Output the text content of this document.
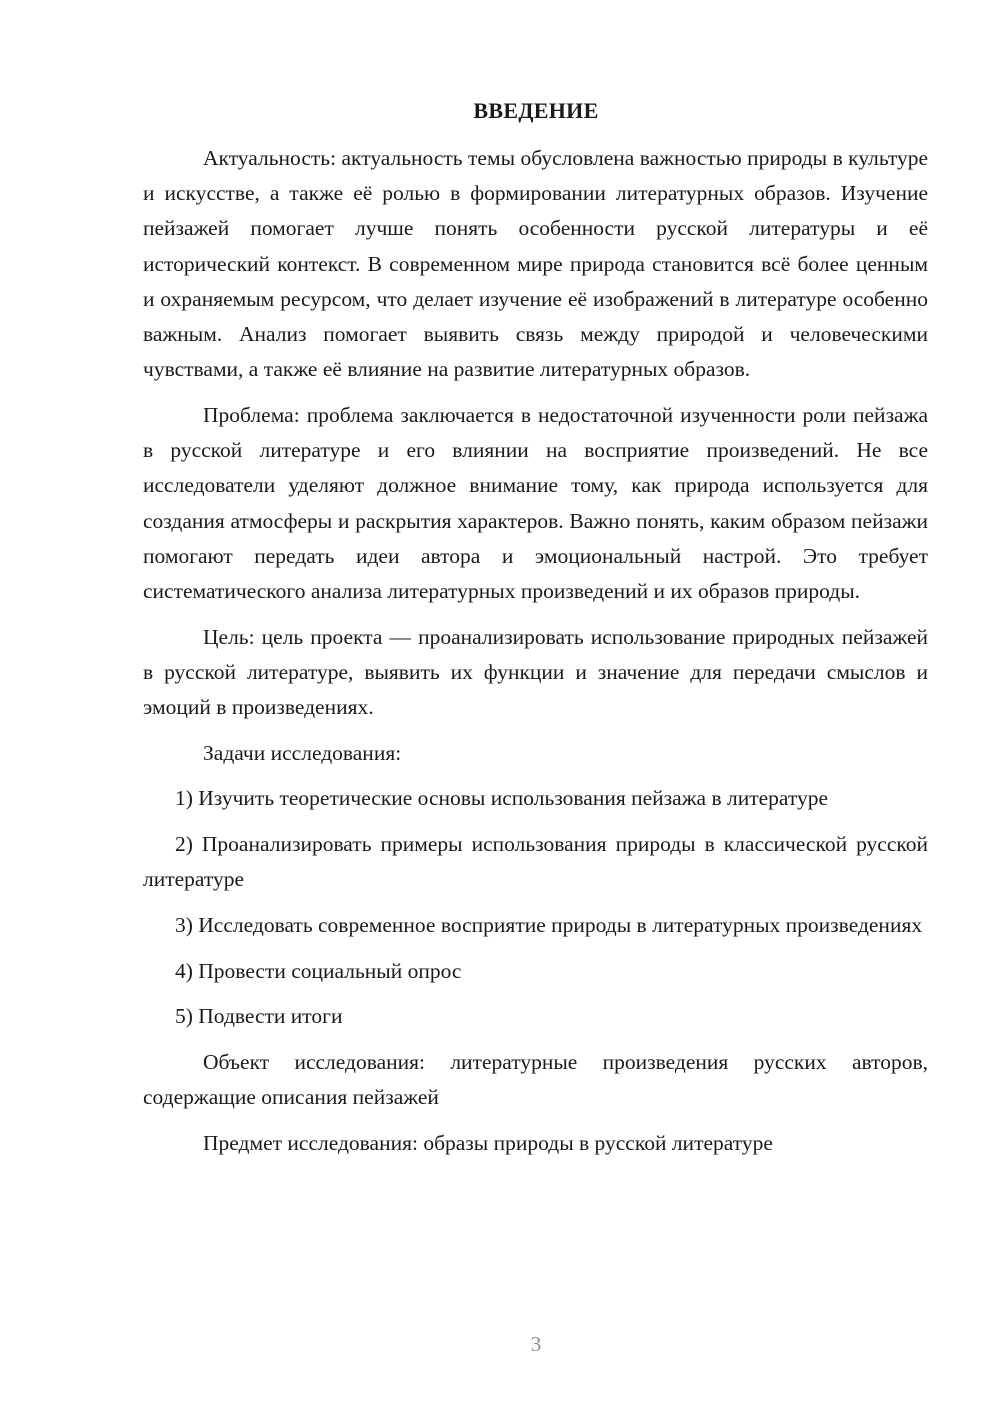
ВВЕДЕНИЕ

Актуальность: актуальность темы обусловлена важностью природы в культуре и искусстве, а также её ролью в формировании литературных образов. Изучение пейзажей помогает лучше понять особенности русской литературы и её исторический контекст. В современном мире природа становится всё более ценным и охраняемым ресурсом, что делает изучение её изображений в литературе особенно важным. Анализ помогает выявить связь между природой и человеческими чувствами, а также её влияние на развитие литературных образов.

Проблема: проблема заключается в недостаточной изученности роли пейзажа в русской литературе и его влиянии на восприятие произведений. Не все исследователи уделяют должное внимание тому, как природа используется для создания атмосферы и раскрытия характеров. Важно понять, каким образом пейзажи помогают передать идеи автора и эмоциональный настрой. Это требует систематического анализа литературных произведений и их образов природы.

Цель: цель проекта — проанализировать использование природных пейзажей в русской литературе, выявить их функции и значение для передачи смыслов и эмоций в произведениях.

Задачи исследования:

1) Изучить теоретические основы использования пейзажа в литературе

2) Проанализировать примеры использования природы в классической русской литературе

3) Исследовать современное восприятие природы в литературных произведениях

4) Провести социальный опрос

5) Подвести итоги

Объект исследования: литературные произведения русских авторов, содержащие описания пейзажей

Предмет исследования: образы природы в русской литературе

3
